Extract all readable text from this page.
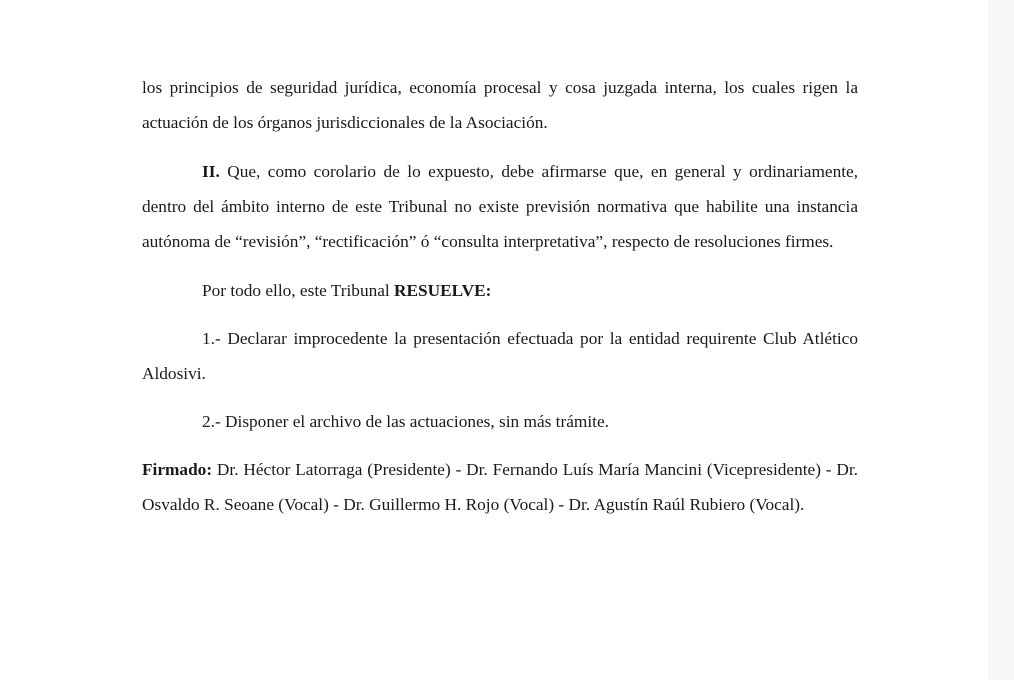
los principios de seguridad jurídica, economía procesal y cosa juzgada interna, los cuales rigen la actuación de los órganos jurisdiccionales de la Asociación.

II. Que, como corolario de lo expuesto, debe afirmarse que, en general y ordinariamente, dentro del ámbito interno de este Tribunal no existe previsión normativa que habilite una instancia autónoma de “revisión”, “rectificación” ó “consulta interpretativa”, respecto de resoluciones firmes.

Por todo ello, este Tribunal RESUELVE:

1.- Declarar improcedente la presentación efectuada por la entidad requirente Club Atlético Aldosivi.

2.- Disponer el archivo de las actuaciones, sin más trámite.

Firmado: Dr. Héctor Latorraga (Presidente) - Dr. Fernando Luís María Mancini (Vicepresidente) - Dr. Osvaldo R. Seoane (Vocal) - Dr. Guillermo H. Rojo (Vocal) - Dr. Agustín Raúl Rubiero (Vocal).
